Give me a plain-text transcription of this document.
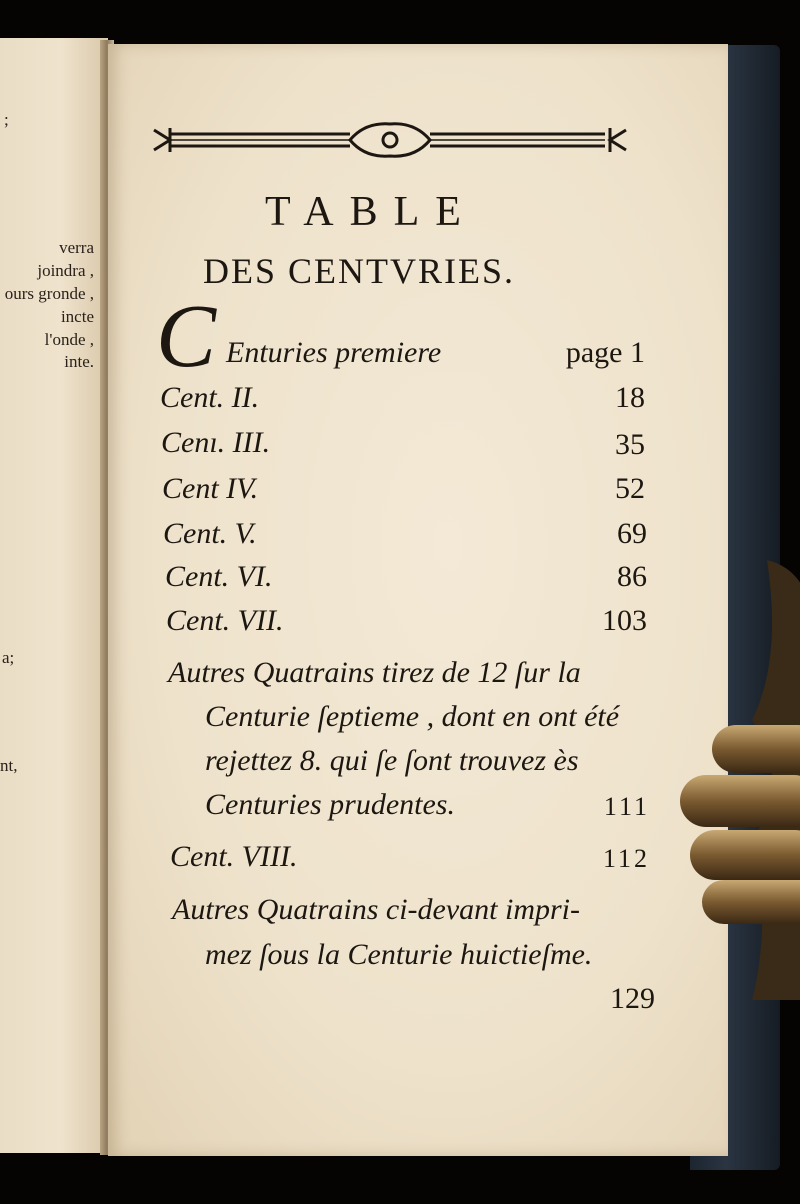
;
verra
joindra ,
ours gronde ,
incte
l'onde ,
inte.
a;
nt,
TABLE
DES CENTVRIES.
C Enturies premiere	page 1
Cent. II.	18
Cenı. III.	35
Cent IV.	52
Cent. V.	69
Cent. VI.	86
Cent. VII.	103
Autres Quatrains tirez de 12 ſur la
Centurie ſeptieme , dont en ont été
rejettez 8. qui ſe ſont trouvez ès
Centuries prudentes.	111
Cent. VIII.	112
Autres Quatrains ci-devant impri-
mez ſous la Centurie huictieſme.
129
